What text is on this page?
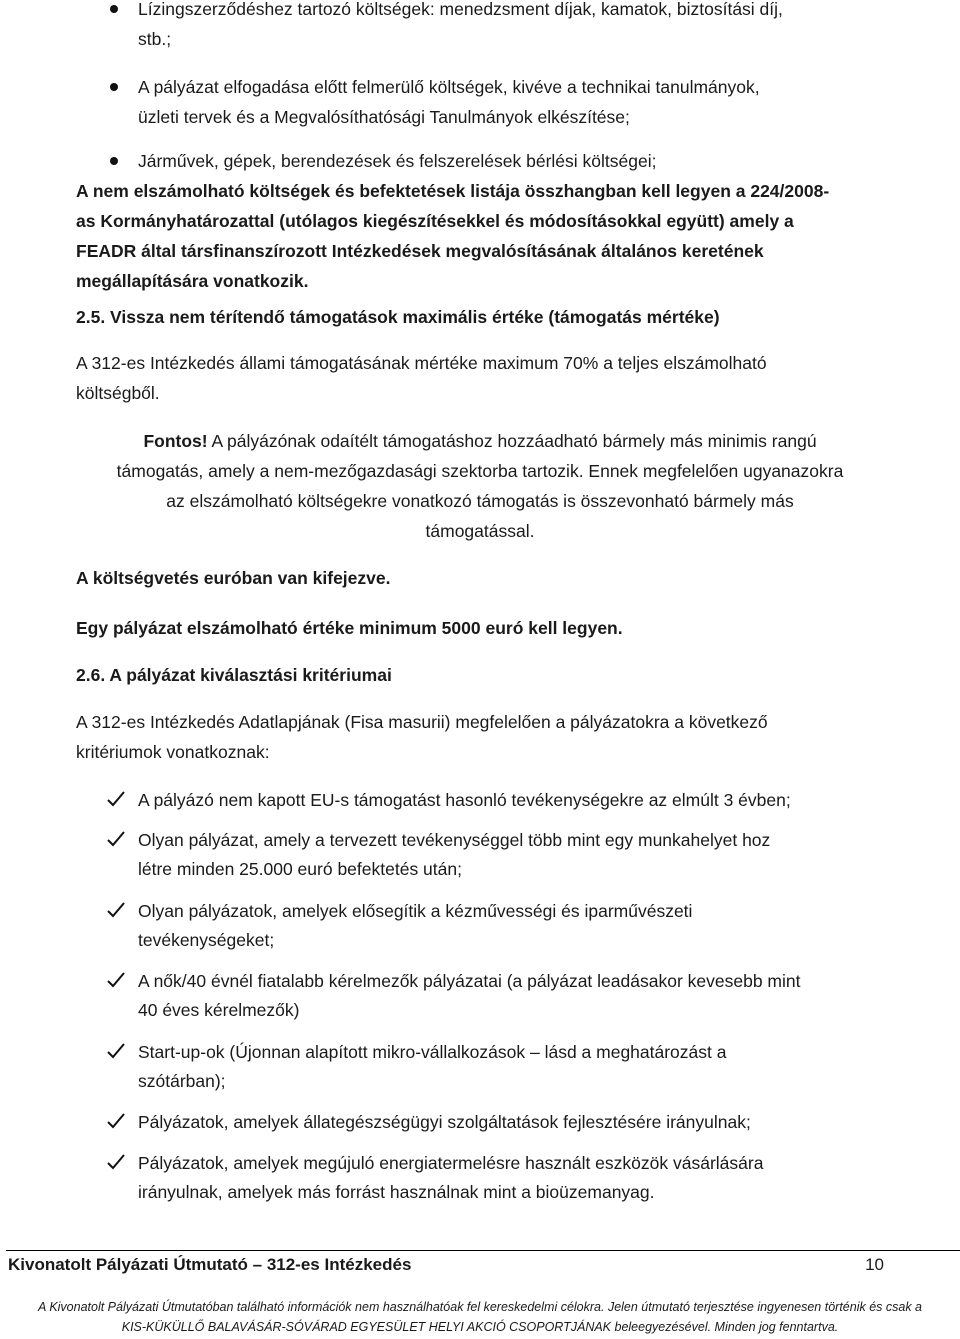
Lízingszerződéshez tartozó költségek: menedzsment díjak, kamatok, biztosítási díj,
stb.;
A pályázat elfogadása előtt felmerülő költségek, kivéve a technikai tanulmányok,
üzleti tervek és a Megvalósíthatósági Tanulmányok elkészítése;
Járművek, gépek, berendezések és felszerelések bérlési költségei;
A nem elszámolható költségek és befektetések listája összhangban kell legyen a 224/2008-
as Kormányhatározattal (utólagos kiegészítésekkel és módosításokkal együtt) amely a
FEADR által társfinanszírozott Intézkedések megvalósításának általános keretének
megállapítására vonatkozik.
2.5. Vissza nem térítendő támogatások maximális értéke (támogatás mértéke)
A 312-es Intézkedés állami támogatásának mértéke maximum 70% a teljes elszámolható
költségből.
Fontos! A pályázónak odaítélt támogatáshoz hozzáadható bármely más minimis rangú
támogatás, amely a nem-mezőgazdasági szektorba tartozik. Ennek megfelelően ugyanazokra
az elszámolható költségekre vonatkozó támogatás is összevonható bármely más
támogatással.
A költségvetés euróban van kifejezve.
Egy pályázat elszámolható értéke minimum 5000 euró kell legyen.
2.6. A pályázat kiválasztási kritériumai
A 312-es Intézkedés Adatlapjának (Fisa masurii) megfelelően a pályázatokra a következő
kritériumok vonatkoznak:
A pályázó nem kapott EU-s támogatást hasonló tevékenységekre az elmúlt 3 évben;
Olyan pályázat, amely a tervezett tevékenységgel több mint egy munkahelyet hoz
létre minden 25.000 euró befektetés után;
Olyan pályázatok, amelyek elősegítik a kézművességi és iparművészeti
tevékenységeket;
A nők/40 évnél fiatalabb kérelmezők pályázatai (a pályázat leadásakor kevesebb mint
40 éves kérelmezők)
Start-up-ok (Újonnan alapított mikro-vállalkozások – lásd a meghatározást a
szótárban);
Pályázatok, amelyek állategészségügyi szolgáltatások fejlesztésére irányulnak;
Pályázatok, amelyek megújuló energiatermelésre használt eszközök vásárlására
irányulnak, amelyek más forrást használnak mint a bioüzemanyag.
Kivonatolt Pályázati Útmutató – 312-es Intézkedés	10
A Kivonatolt Pályázati Útmutatóban található információk nem használhatóak fel kereskedelmi célokra. Jelen útmutató terjesztése ingyenesen történik és csak a
KIS-KÜKÜLLŐ BALAVÁSÁR-SÓVÁRAD EGYESÜLET HELYI AKCIÓ CSOPORTJÁNAK beleegyezésével. Minden jog fenntartva.
